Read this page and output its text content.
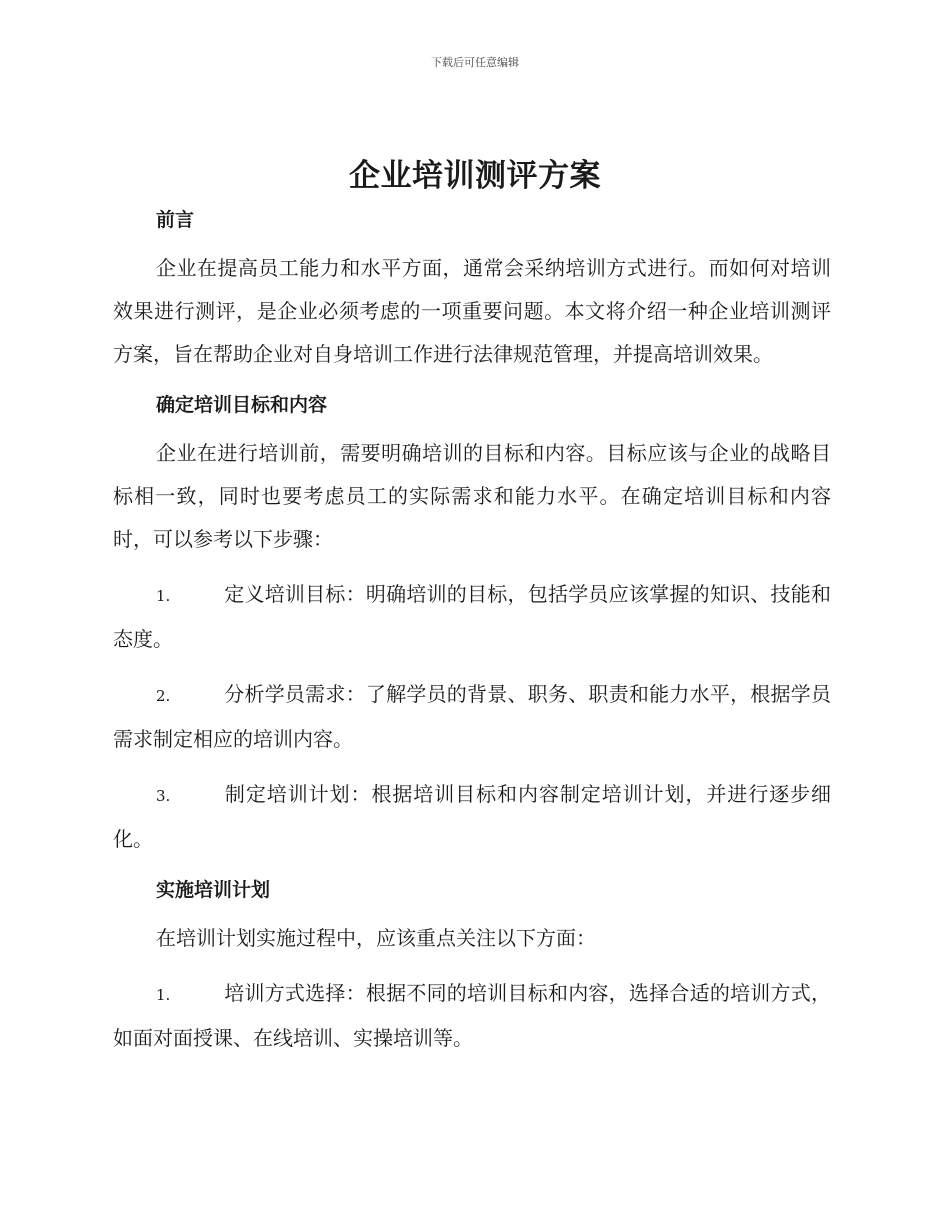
下载后可任意编辑
企业培训测评方案

前言

企业在提高员工能力和水平方面，通常会采纳培训方式进行。而如何对培训效果进行测评，是企业必须考虑的一项重要问题。本文将介绍一种企业培训测评方案，旨在帮助企业对自身培训工作进行法律规范管理，并提高培训效果。

确定培训目标和内容

企业在进行培训前，需要明确培训的目标和内容。目标应该与企业的战略目标相一致，同时也要考虑员工的实际需求和能力水平。在确定培训目标和内容时，可以参考以下步骤：

1.	定义培训目标：明确培训的目标，包括学员应该掌握的知识、技能和态度。

2.	分析学员需求：了解学员的背景、职务、职责和能力水平，根据学员需求制定相应的培训内容。

3.	制定培训计划：根据培训目标和内容制定培训计划，并进行逐步细化。

实施培训计划

在培训计划实施过程中，应该重点关注以下方面：

1.	培训方式选择：根据不同的培训目标和内容，选择合适的培训方式，如面对面授课、在线培训、实操培训等。
